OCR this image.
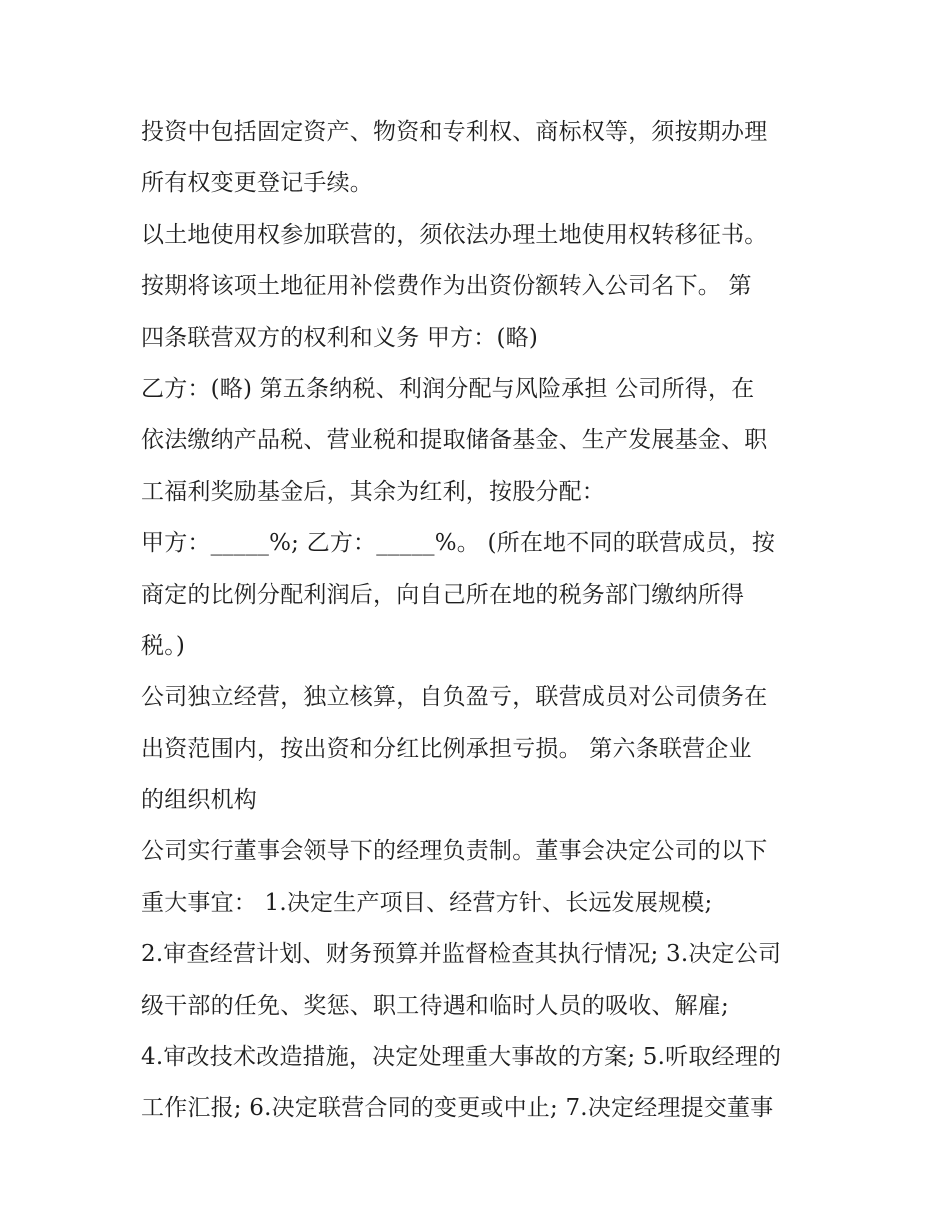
投资中包括固定资产、物资和专利权、商标权等，须按期办理
所有权变更登记手续。
以土地使用权参加联营的，须依法办理土地使用权转移征书。
按期将该项土地征用补偿费作为出资份额转入公司名下。 第
四条联营双方的权利和义务 甲方：(略)
乙方：(略) 第五条纳税、利润分配与风险承担 公司所得，在
依法缴纳产品税、营业税和提取储备基金、生产发展基金、职
工福利奖励基金后，其余为红利，按股分配：
甲方：_____%; 乙方：_____%。 (所在地不同的联营成员，按
商定的比例分配利润后，向自己所在地的税务部门缴纳所得
税。)
公司独立经营，独立核算，自负盈亏，联营成员对公司债务在
出资范围内，按出资和分红比例承担亏损。 第六条联营企业
的组织机构
公司实行董事会领导下的经理负责制。董事会决定公司的以下
重大事宜： 1.决定生产项目、经营方针、长远发展规模;
2.审查经营计划、财务预算并监督检查其执行情况; 3.决定公司
级干部的任免、奖惩、职工待遇和临时人员的吸收、解雇;
4.审改技术改造措施，决定处理重大事故的方案; 5.听取经理的
工作汇报; 6.决定联营合同的变更或中止; 7.决定经理提交董事
